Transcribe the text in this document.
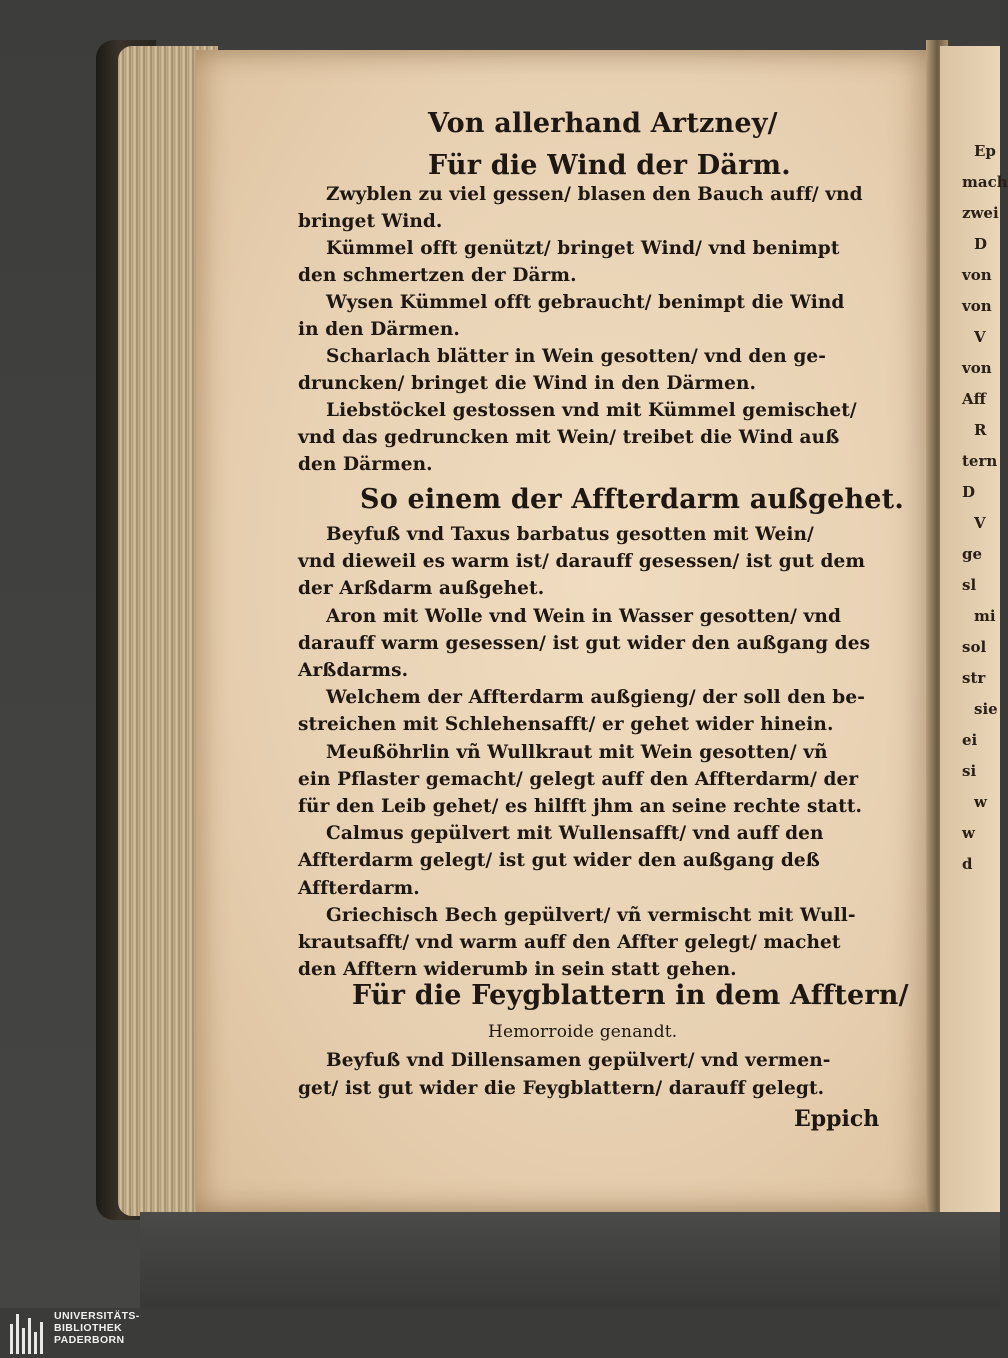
Ep
mach
zwei
D
von
von
V
von
Aff
R
tern
D
V
ge
sl
mi
sol
str
sie
ei
si
w
w
d
Von allerhand Artzney/
Für die Wind der Därm.
Zwyblen zu viel gessen/ blasen den Bauch auff/ vnd
bringet Wind.
Kümmel offt genützt/ bringet Wind/ vnd benimpt
den schmertzen der Därm.
Wysen Kümmel offt gebraucht/ benimpt die Wind
in den Därmen.
Scharlach blätter in Wein gesotten/ vnd den ge-
druncken/ bringet die Wind in den Därmen.
Liebstöckel gestossen vnd mit Kümmel gemischet/
vnd das gedruncken mit Wein/ treibet die Wind auß
den Därmen.
So einem der Affterdarm außgehet.
Beyfuß vnd Taxus barbatus gesotten mit Wein/
vnd dieweil es warm ist/ darauff gesessen/ ist gut dem
der Arßdarm außgehet.
Aron mit Wolle vnd Wein in Wasser gesotten/ vnd
darauff warm gesessen/ ist gut wider den außgang des
Arßdarms.
Welchem der Affterdarm außgieng/ der soll den be-
streichen mit Schlehensafft/ er gehet wider hinein.
Meußöhrlin vñ Wullkraut mit Wein gesotten/ vñ
ein Pflaster gemacht/ gelegt auff den Affterdarm/ der
für den Leib gehet/ es hilfft jhm an seine rechte statt.
Calmus gepülvert mit Wullensafft/ vnd auff den
Affterdarm gelegt/ ist gut wider den außgang deß
Affterdarm.
Griechisch Bech gepülvert/ vñ vermischt mit Wull-
krautsafft/ vnd warm auff den Affter gelegt/ machet
den Afftern widerumb in sein statt gehen.
Für die Feygblattern in dem Afftern/
Hemorroide genandt.
Beyfuß vnd Dillensamen gepülvert/ vnd vermen-
get/ ist gut wider die Feygblattern/ darauff gelegt.
Eppich
UNIVERSITÄTS-
BIBLIOTHEK
PADERBORN
